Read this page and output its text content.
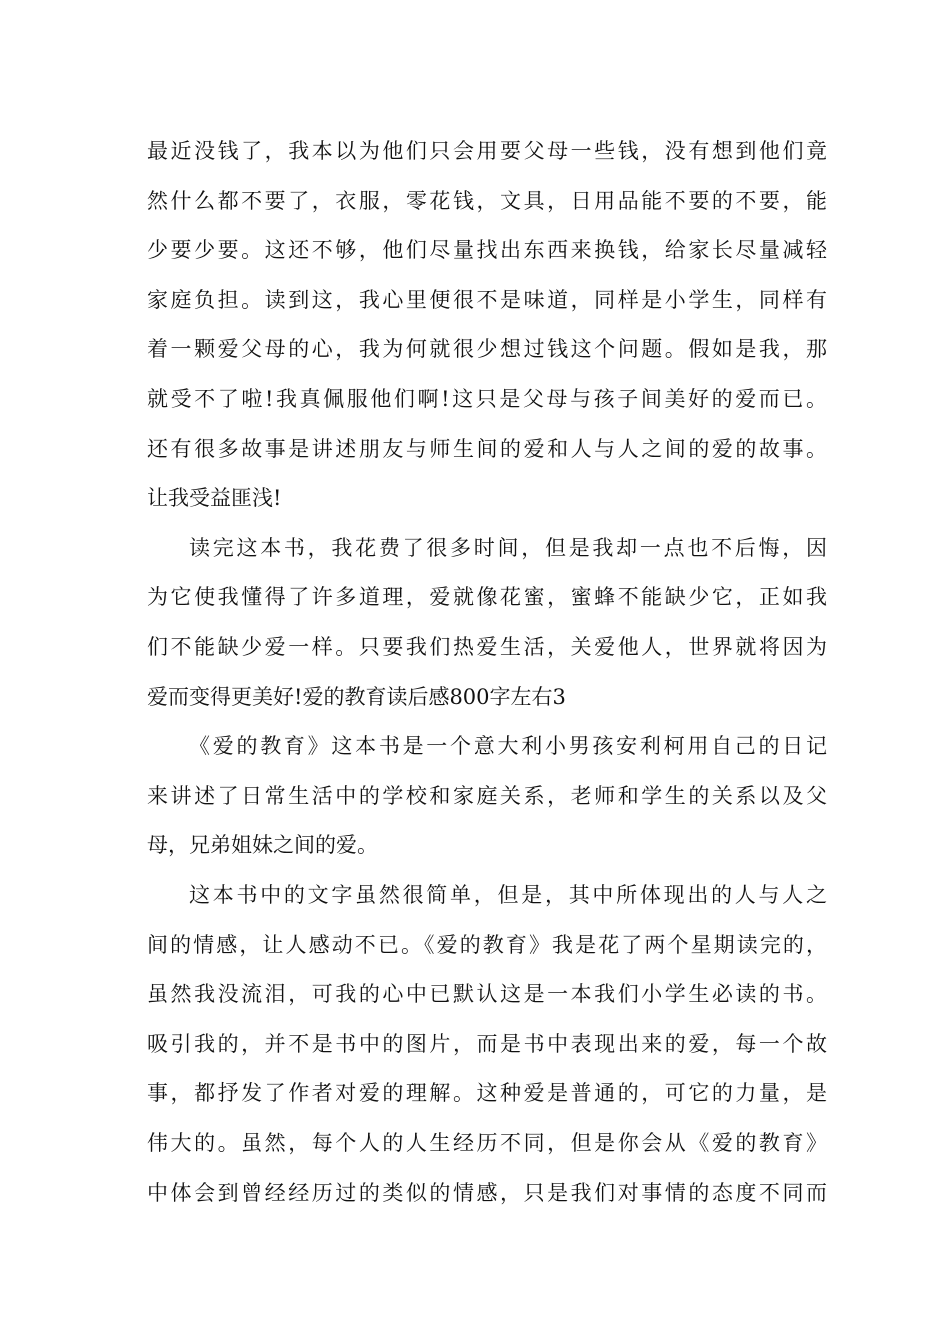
最近没钱了，我本以为他们只会用要父母一些钱，没有想到他们竟
然什么都不要了，衣服，零花钱，文具，日用品能不要的不要，能
少要少要。这还不够，他们尽量找出东西来换钱，给家长尽量减轻
家庭负担。读到这，我心里便很不是味道，同样是小学生，同样有
着一颗爱父母的心，我为何就很少想过钱这个问题。假如是我，那
就受不了啦!我真佩服他们啊!这只是父母与孩子间美好的爱而已。
还有很多故事是讲述朋友与师生间的爱和人与人之间的爱的故事。
让我受益匪浅!
读完这本书，我花费了很多时间，但是我却一点也不后悔，因
为它使我懂得了许多道理，爱就像花蜜，蜜蜂不能缺少它，正如我
们不能缺少爱一样。只要我们热爱生活，关爱他人，世界就将因为
爱而变得更美好!爱的教育读后感800字左右3
《爱的教育》这本书是一个意大利小男孩安利柯用自己的日记
来讲述了日常生活中的学校和家庭关系，老师和学生的关系以及父
母，兄弟姐妹之间的爱。
这本书中的文字虽然很简单，但是，其中所体现出的人与人之
间的情感，让人感动不已。《爱的教育》我是花了两个星期读完的，
虽然我没流泪，可我的心中已默认这是一本我们小学生必读的书。
吸引我的，并不是书中的图片，而是书中表现出来的爱，每一个故
事，都抒发了作者对爱的理解。这种爱是普通的，可它的力量，是
伟大的。虽然，每个人的人生经历不同，但是你会从《爱的教育》
中体会到曾经经历过的类似的情感，只是我们对事情的态度不同而
